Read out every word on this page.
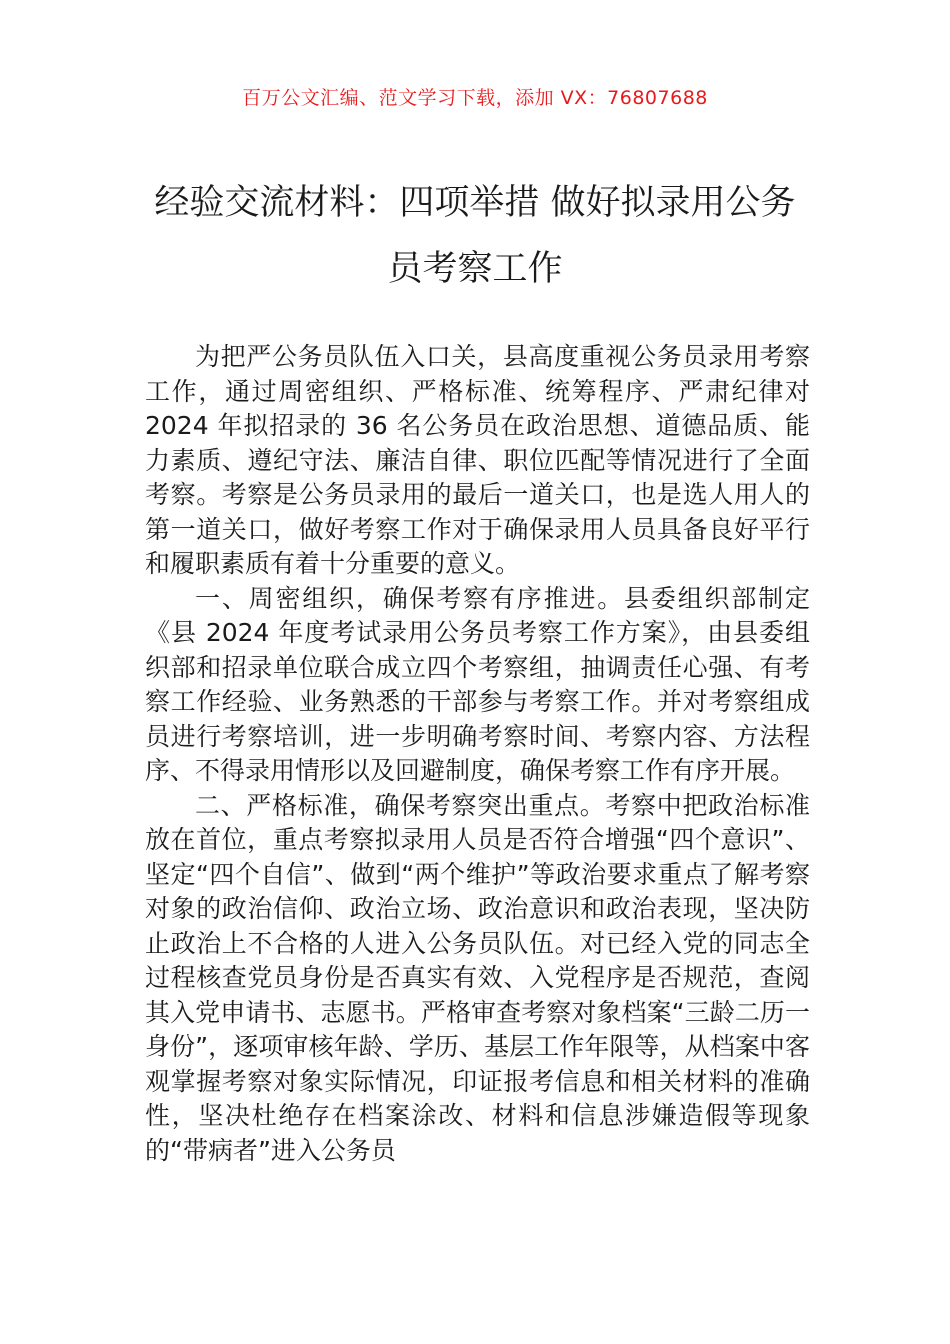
百万公文汇编、范文学习下载，添加 VX：76807688
经验交流材料：四项举措 做好拟录用公务员考察工作

为把严公务员队伍入口关，县高度重视公务员录用考察工作，通过周密组织、严格标准、统筹程序、严肃纪律对 2024 年拟招录的 36 名公务员在政治思想、道德品质、能力素质、遵纪守法、廉洁自律、职位匹配等情况进行了全面考察。考察是公务员录用的最后一道关口，也是选人用人的第一道关口，做好考察工作对于确保录用人员具备良好平行和履职素质有着十分重要的意义。

一、周密组织，确保考察有序推进。县委组织部制定《县 2024 年度考试录用公务员考察工作方案》，由县委组织部和招录单位联合成立四个考察组，抽调责任心强、有考察工作经验、业务熟悉的干部参与考察工作。并对考察组成员进行考察培训，进一步明确考察时间、考察内容、方法程序、不得录用情形以及回避制度，确保考察工作有序开展。

二、严格标准，确保考察突出重点。考察中把政治标准放在首位，重点考察拟录用人员是否符合增强“四个意识”、坚定“四个自信”、做到“两个维护”等政治要求重点了解考察对象的政治信仰、政治立场、政治意识和政治表现，坚决防止政治上不合格的人进入公务员队伍。对已经入党的同志全过程核查党员身份是否真实有效、入党程序是否规范，查阅其入党申请书、志愿书。严格审查考察对象档案“三龄二历一身份”，逐项审核年龄、学历、基层工作年限等，从档案中客观掌握考察对象实际情况，印证报考信息和相关材料的准确性，坚决杜绝存在档案涂改、材料和信息涉嫌造假等现象的“带病者”进入公务员
